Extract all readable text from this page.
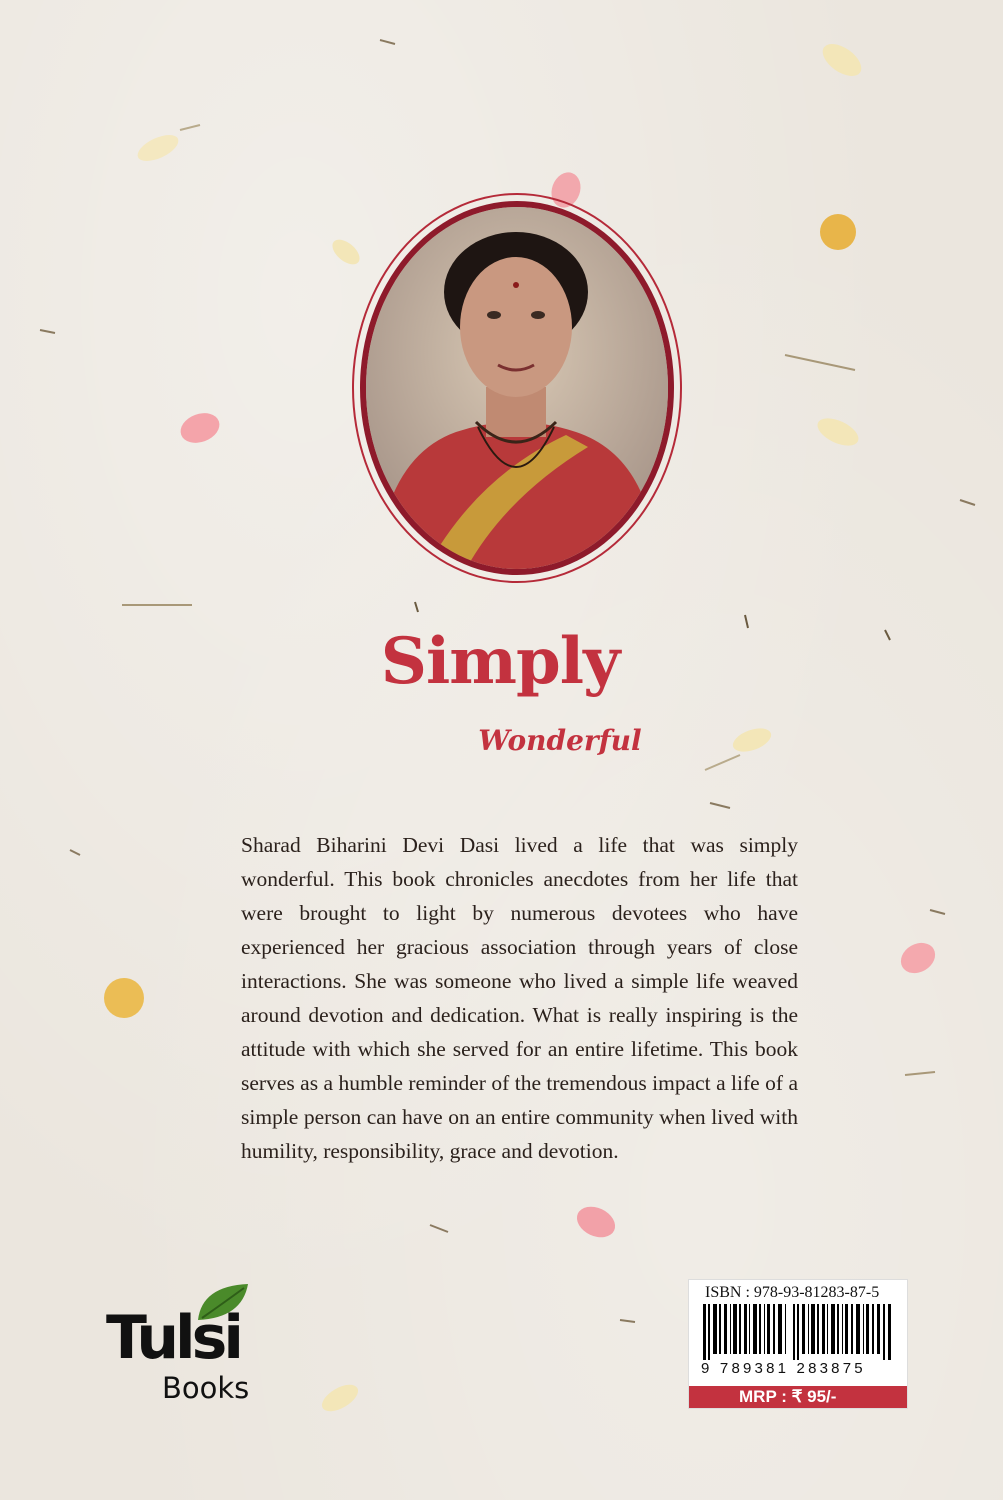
Simply
Wonderful

Sharad Biharini Devi Dasi lived a life that was simply wonderful. This book chronicles anecdotes from her life that were brought to light by numerous devotees who have experienced her gracious association through years of close interactions. She was someone who lived a simple life weaved around devotion and dedication. What is really inspiring is the attitude with which she served for an entire lifetime. This book serves as a humble reminder of the tremendous impact a life of a simple person can have on an entire community when lived with humility, responsibility, grace and devotion.

Tulsi
Books
ISBN : 978-93-81283-87-5
9 789381 283875
MRP : ₹ 95/-
